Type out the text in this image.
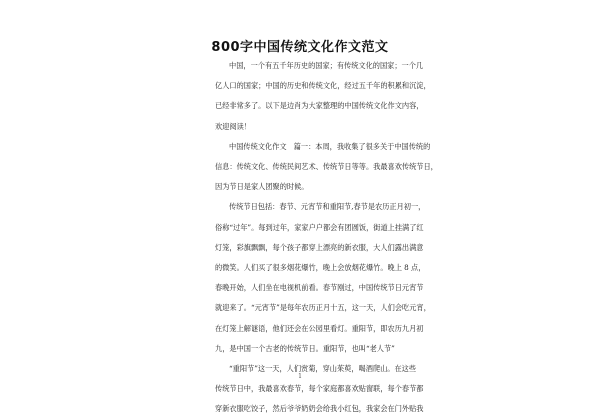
800字中国传统文化作文范文

中国，一个有五千年历史的国家；有传统文化的国家；一个几
亿人口的国家；中国的历史和传统文化，经过五千年的积累和沉淀，
已经非常多了。以下是边肖为大家整理的中国传统文化作文内容，
欢迎阅读！

中国传统文化作文　篇一：本周，我收集了很多关于中国传统的
信息：传统文化、传统民间艺术、传统节日等等。我最喜欢传统节日，
因为节日是家人团聚的时候。

传统节日包括：春节、元宵节和重阳节,春节是农历正月初一，
俗称“过年”。每到过年，家家户户都会有团圆饭，街道上挂满了红
灯笼，彩旗飘飘，每个孩子都穿上漂亮的新衣服，大人们露出满意
的微笑。人们买了很多烟花爆竹，晚上会放烟花爆竹。晚上 8 点，
春晚开始，人们坐在电视机前看。春节刚过，中国传统节日元宵节
就迎来了。“元宵节”是每年农历正月十五，这一天，人们会吃元宵，
在灯笼上解谜语，他们还会在公园里看灯。重阳节，即农历九月初
九，是中国一个古老的传统节日。重阳节，也叫“老人节”

“重阳节”这一天，人们赏菊，穿山茱萸，喝酒爬山。在这些
传统节日中，我最喜欢春节，每个家庭都喜欢贴窗联，每个春节都
穿新衣服吃饺子，然后爷爷奶奶会给我小红包，我家会在门外贴我

1
